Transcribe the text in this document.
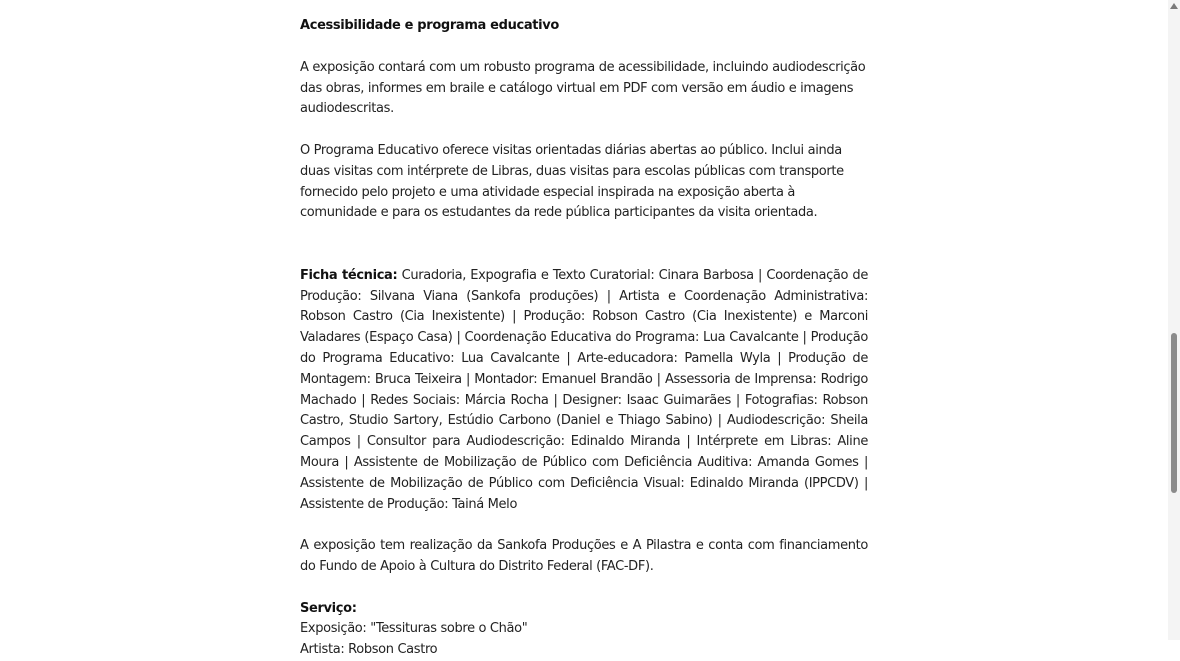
Acessibilidade e programa educativo

A exposição contará com um robusto programa de acessibilidade, incluindo audiodescrição das obras, informes em braile e catálogo virtual em PDF com versão em áudio e imagens audiodescritas.

O Programa Educativo oferece visitas orientadas diárias abertas ao público. Inclui ainda duas visitas com intérprete de Libras, duas visitas para escolas públicas com transporte fornecido pelo projeto e uma atividade especial inspirada na exposição aberta à comunidade e para os estudantes da rede pública participantes da visita orientada.

Ficha técnica: Curadoria, Expografia e Texto Curatorial: Cinara Barbosa | Coordenação de Produção: Silvana Viana (Sankofa produções) | Artista e Coordenação Administrativa: Robson Castro (Cia Inexistente) | Produção: Robson Castro (Cia Inexistente) e Marconi Valadares (Espaço Casa) | Coordenação Educativa do Programa: Lua Cavalcante | Produção do Programa Educativo: Lua Cavalcante | Arte-educadora: Pamella Wyla | Produção de Montagem: Bruca Teixeira | Montador: Emanuel Brandão | Assessoria de Imprensa: Rodrigo Machado | Redes Sociais: Márcia Rocha | Designer: Isaac Guimarães | Fotografias: Robson Castro, Studio Sartory, Estúdio Carbono (Daniel e Thiago Sabino) | Audiodescrição: Sheila Campos | Consultor para Audiodescrição: Edinaldo Miranda | Intérprete em Libras: Aline Moura | Assistente de Mobilização de Público com Deficiência Auditiva: Amanda Gomes | Assistente de Mobilização de Público com Deficiência Visual: Edinaldo Miranda (IPPCDV) | Assistente de Produção: Tainá Melo

A exposição tem realização da Sankofa Produções e A Pilastra e conta com financiamento do Fundo de Apoio à Cultura do Distrito Federal (FAC-DF).

Serviço:

Exposição: "Tessituras sobre o Chão"

Artista: Robson Castro
